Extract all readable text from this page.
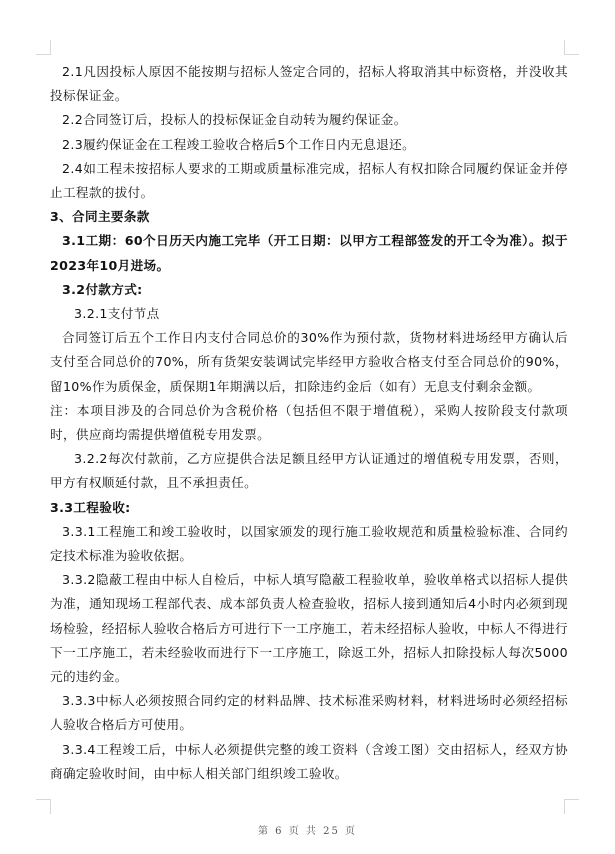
2.1凡因投标人原因不能按期与招标人签定合同的，招标人将取消其中标资格，并没收其投标保证金。

2.2合同签订后，投标人的投标保证金自动转为履约保证金。

2.3履约保证金在工程竣工验收合格后5个工作日内无息退还。

2.4如工程未按招标人要求的工期或质量标准完成，招标人有权扣除合同履约保证金并停止工程款的拔付。

3、合同主要条款

3.1工期：60个日历天内施工完毕（开工日期：以甲方工程部签发的开工令为准）。拟于2023年10月进场。

3.2付款方式:

3.2.1支付节点

合同签订后五个工作日内支付合同总价的30%作为预付款，货物材料进场经甲方确认后支付至合同总价的70%，所有货架安装调试完毕经甲方验收合格支付至合同总价的90%，留10%作为质保金，质保期1年期满以后，扣除违约金后（如有）无息支付剩余金额。

注：本项目涉及的合同总价为含税价格（包括但不限于增值税），采购人按阶段支付款项时，供应商均需提供增值税专用发票。

3.2.2每次付款前，乙方应提供合法足额且经甲方认证通过的增值税专用发票，否则，甲方有权顺延付款，且不承担责任。

3.3工程验收:

3.3.1工程施工和竣工验收时，以国家颁发的现行施工验收规范和质量检验标准、合同约定技术标准为验收依据。

3.3.2隐蔽工程由中标人自检后，中标人填写隐蔽工程验收单，验收单格式以招标人提供为准，通知现场工程部代表、成本部负责人检查验收，招标人接到通知后4小时内必须到现场检验，经招标人验收合格后方可进行下一工序施工，若未经招标人验收，中标人不得进行下一工序施工，若未经验收而进行下一工序施工，除返工外，招标人扣除投标人每次5000元的违约金。

3.3.3中标人必须按照合同约定的材料品牌、技术标准采购材料，材料进场时必须经招标人验收合格后方可使用。

3.3.4工程竣工后，中标人必须提供完整的竣工资料（含竣工图）交由招标人，经双方协商确定验收时间，由中标人相关部门组织竣工验收。

第 6 页 共 25 页
